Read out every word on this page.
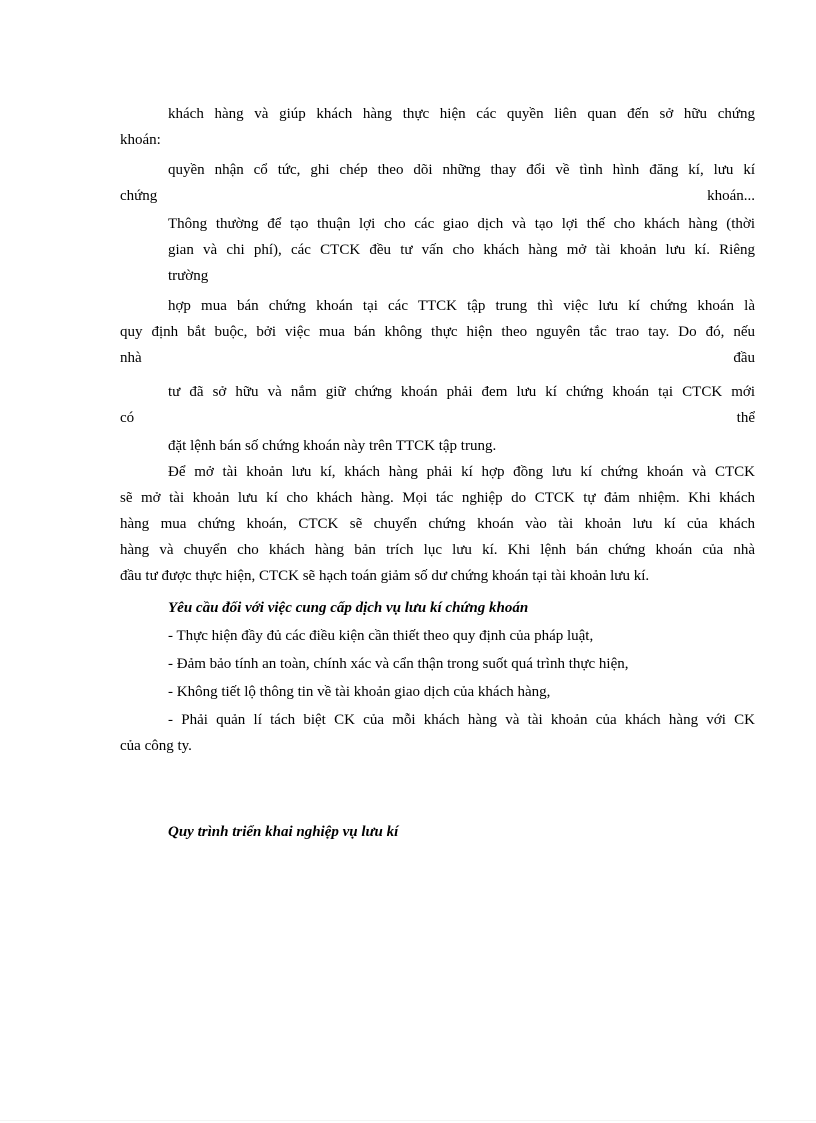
khách hàng và giúp khách hàng thực hiện các quyền liên quan đến sở hữu chứng
khoán:
quyền nhận cổ tức, ghi chép theo dõi những thay đổi về tình hình đăng kí, lưu kí
chứng	khoán...
Thông thường để tạo thuận lợi cho các giao dịch và tạo lợi thế cho khách hàng (thời
gian và chi phí), các CTCK đều tư vấn cho khách hàng mở tài khoản lưu kí. Riêng
trường
hợp mua bán chứng khoán tại các TTCK tập trung thì việc lưu kí chứng khoán là
quy định bắt buộc, bởi việc mua bán không thực hiện theo nguyên tắc trao tay. Do đó, nếu
nhà	đầu
tư đã sở hữu và nắm giữ chứng khoán phải đem lưu kí chứng khoán tại CTCK mới
có	thể
đặt lệnh bán số chứng khoán này trên TTCK tập trung.
Để mở tài khoản lưu kí, khách hàng phải kí hợp đồng lưu kí chứng khoán và CTCK
sẽ mở tài khoản lưu kí cho khách hàng. Mọi tác nghiệp do CTCK tự đảm nhiệm. Khi khách
hàng mua chứng khoán, CTCK sẽ chuyển chứng khoán vào tài khoản lưu kí của khách
hàng và chuyển cho khách hàng bản trích lục lưu kí. Khi lệnh bán chứng khoán của nhà
đầu tư được thực hiện, CTCK sẽ hạch toán giảm số dư chứng khoán tại tài khoản lưu kí.
Yêu cầu đối với việc cung cấp dịch vụ lưu kí chứng khoán
- Thực hiện đầy đủ các điều kiện cần thiết theo quy định của pháp luật,
- Đảm bảo tính an toàn, chính xác và cẩn thận trong suốt quá trình thực hiện,
- Không tiết lộ thông tin về tài khoản giao dịch của khách hàng,
- Phải quản lí tách biệt CK của mỗi khách hàng và tài khoản của khách hàng với CK
của công ty.
Quy trình triển khai nghiệp vụ lưu kí
